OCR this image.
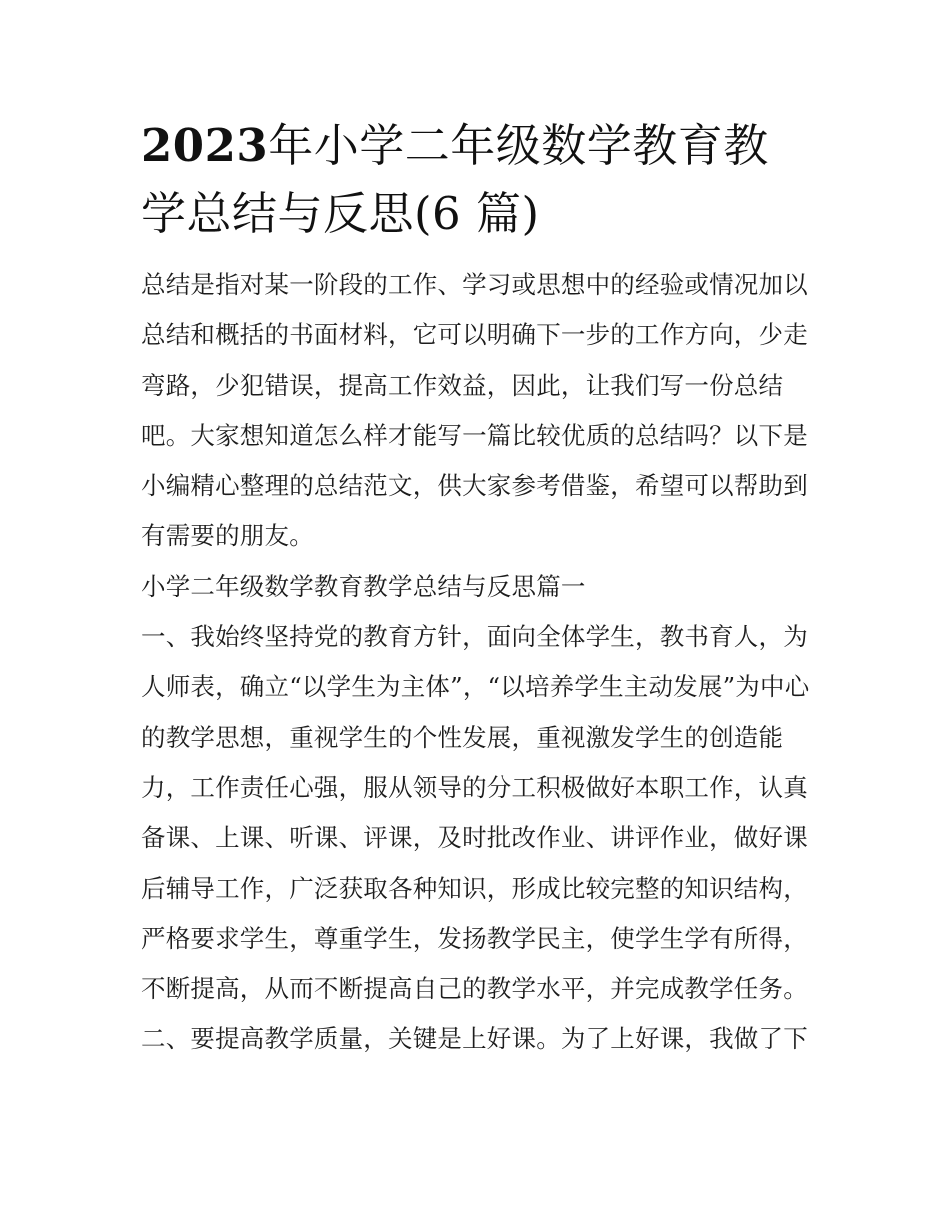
2023年小学二年级数学教育教
学总结与反思(6 篇)

总结是指对某一阶段的工作、学习或思想中的经验或情况加以
总结和概括的书面材料，它可以明确下一步的工作方向，少走
弯路，少犯错误，提高工作效益，因此，让我们写一份总结
吧。大家想知道怎么样才能写一篇比较优质的总结吗？以下是
小编精心整理的总结范文，供大家参考借鉴，希望可以帮助到
有需要的朋友。

小学二年级数学教育教学总结与反思篇一

一、我始终坚持党的教育方针，面向全体学生，教书育人，为
人师表，确立“以学生为主体”，“以培养学生主动发展”为中心
的教学思想，重视学生的个性发展，重视激发学生的创造能
力，工作责任心强，服从领导的分工积极做好本职工作，认真
备课、上课、听课、评课，及时批改作业、讲评作业，做好课
后辅导工作，广泛获取各种知识，形成比较完整的知识结构，
严格要求学生，尊重学生，发扬教学民主，使学生学有所得，
不断提高，从而不断提高自己的教学水平，并完成教学任务。
二、要提高教学质量，关键是上好课。为了上好课，我做了下
